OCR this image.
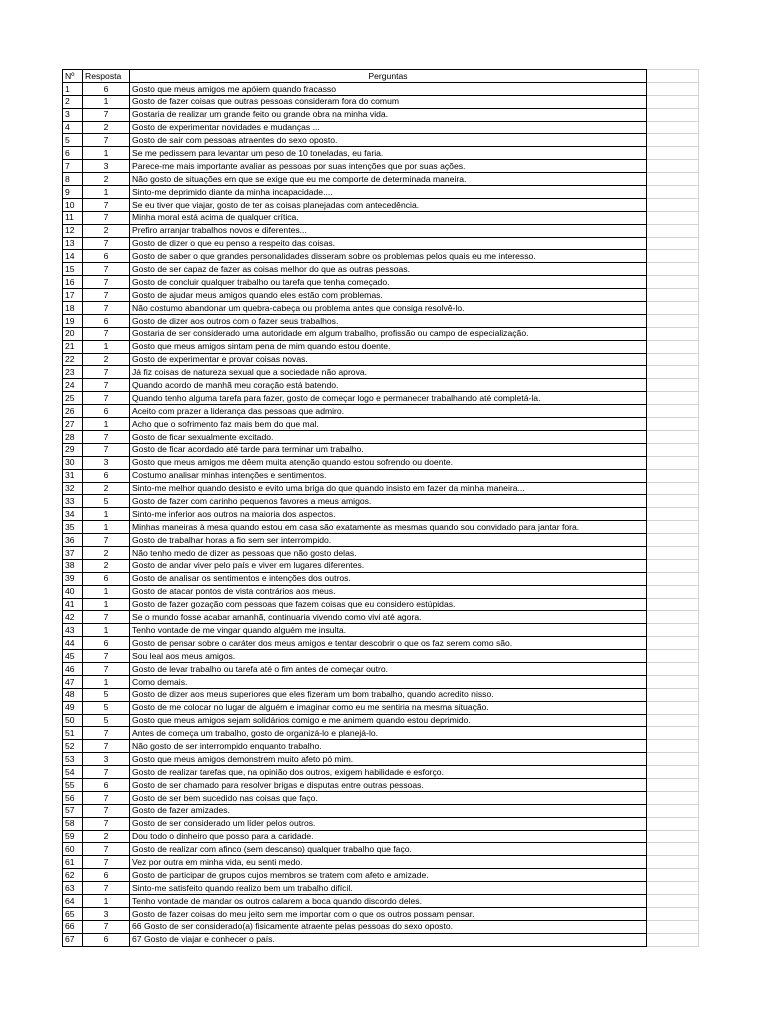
Nº	Resposta	Perguntas	
1	6	Gosto que meus amigos me apóiem quando fracasso	
2	1	Gosto de fazer coisas que outras pessoas consideram fora do comum	
3	7	Gostaria de realizar um grande feito ou grande obra na minha vida.	
4	2	Gosto de experimentar novidades e mudanças ...	
5	7	Gosto de sair com pessoas atraentes do sexo oposto.	
6	1	Se me pedissem para levantar um peso de 10 toneladas, eu faria.	
7	3	Parece-me mais importante avaliar as pessoas por suas intenções que por suas ações.	
8	2	Não gosto de situações em que se exige que eu me comporte de determinada maneira.	
9	1	Sinto-me deprimido diante da minha incapacidade....	
10	7	Se eu tiver que viajar, gosto de ter as coisas planejadas com antecedência.	
11	7	Minha moral está acima de qualquer crítica.	
12	2	Prefiro arranjar trabalhos novos e diferentes...	
13	7	Gosto de dizer o que eu penso a respeito das coisas.	
14	6	Gosto de saber o que grandes personalidades disseram sobre os problemas pelos quais eu me interesso.	
15	7	Gosto de ser capaz de fazer as coisas melhor do que as outras pessoas.	
16	7	Gosto de concluir qualquer trabalho ou tarefa que tenha começado.	
17	7	Gosto de ajudar meus amigos quando eles estão com problemas.	
18	7	Não costumo abandonar um quebra-cabeça ou problema antes que consiga resolvê-lo.	
19	6	Gosto de dizer aos outros com o fazer seus trabalhos.	
20	7	Gostaria de ser considerado uma autoridade em algum trabalho, profissão ou campo de especialização.	
21	1	Gosto que meus amigos sintam pena de mim quando estou doente.	
22	2	Gosto de experimentar e provar coisas novas.	
23	7	Já fiz coisas de natureza sexual que a sociedade não aprova.	
24	7	Quando acordo de manhã meu coração está batendo.	
25	7	Quando tenho alguma tarefa para fazer, gosto de começar logo e permanecer trabalhando até completá-la.	
26	6	Aceito com prazer a liderança das pessoas que admiro.	
27	1	Acho que o sofrimento faz mais bem do que mal.	
28	7	Gosto de ficar sexualmente excitado.	
29	7	Gosto de ficar acordado até tarde para terminar um trabalho.	
30	3	Gosto que meus amigos me dêem muita atenção quando estou sofrendo ou doente.	
31	6	Costumo analisar minhas intenções e sentimentos.	
32	2	Sinto-me melhor quando desisto e evito uma briga do que quando insisto em fazer da minha maneira...	
33	5	Gosto de fazer com carinho pequenos favores a meus amigos.	
34	1	Sinto-me inferior aos outros na maioria dos aspectos.	
35	1	Minhas maneiras à mesa quando estou em casa são exatamente as mesmas quando sou convidado para jantar fora.	
36	7	Gosto de trabalhar horas a fio sem ser interrompido.	
37	2	Não tenho medo de dizer as pessoas que não gosto delas.	
38	2	Gosto de andar viver pelo país e viver em lugares diferentes.	
39	6	Gosto de analisar os sentimentos e intenções dos outros.	
40	1	Gosto de atacar pontos de vista contrários aos meus.	
41	1	Gosto de fazer gozação com pessoas que fazem coisas que eu considero estúpidas.	
42	7	Se o mundo fosse acabar amanhã, continuaria vivendo como vivi até agora.	
43	1	Tenho vontade de me vingar quando alguém me insulta.	
44	6	Gosto de pensar sobre o caráter dos meus amigos e tentar descobrir o que os faz serem como são.	
45	7	Sou leal aos meus amigos.	
46	7	Gosto de levar trabalho ou tarefa até o fim antes de começar outro.	
47	1	Como demais.	
48	5	Gosto de dizer aos meus superiores que eles fizeram um bom trabalho, quando acredito nisso.	
49	5	Gosto de me colocar no lugar de alguém e imaginar como eu me sentiria na mesma situação.	
50	5	Gosto que meus amigos sejam solidários comigo e me animem quando estou deprimido.	
51	7	Antes de começa um trabalho, gosto de organizá-lo e planejá-lo.	
52	7	Não gosto de ser interrompido enquanto trabalho.	
53	3	Gosto que meus amigos demonstrem muito afeto pó mim.	
54	7	Gosto de realizar tarefas que, na opinião dos outros, exigem habilidade e esforço.	
55	6	Gosto de ser chamado para resolver brigas e disputas entre outras pessoas.	
56	7	Gosto de ser bem sucedido nas coisas que faço.	
57	7	Gosto de fazer amizades.	
58	7	Gosto de ser considerado um líder pelos outros.	
59	2	Dou todo o dinheiro que posso para a caridade.	
60	7	Gosto de realizar com afinco (sem descanso) qualquer trabalho que faço.	
61	7	Vez por outra em minha vida, eu senti medo.	
62	6	Gosto de participar de grupos cujos membros se tratem com afeto e amizade.	
63	7	Sinto-me satisfeito quando realizo bem um trabalho difícil.	
64	1	Tenho vontade de mandar os outros calarem a boca quando discordo deles.	
65	3	Gosto de fazer coisas do meu jeito sem me importar com o que os outros possam pensar.	
66	7	66 Gosto de ser considerado(a) fisicamente atraente pelas pessoas do sexo oposto.	
67	6	67 Gosto de viajar e conhecer o país.	
